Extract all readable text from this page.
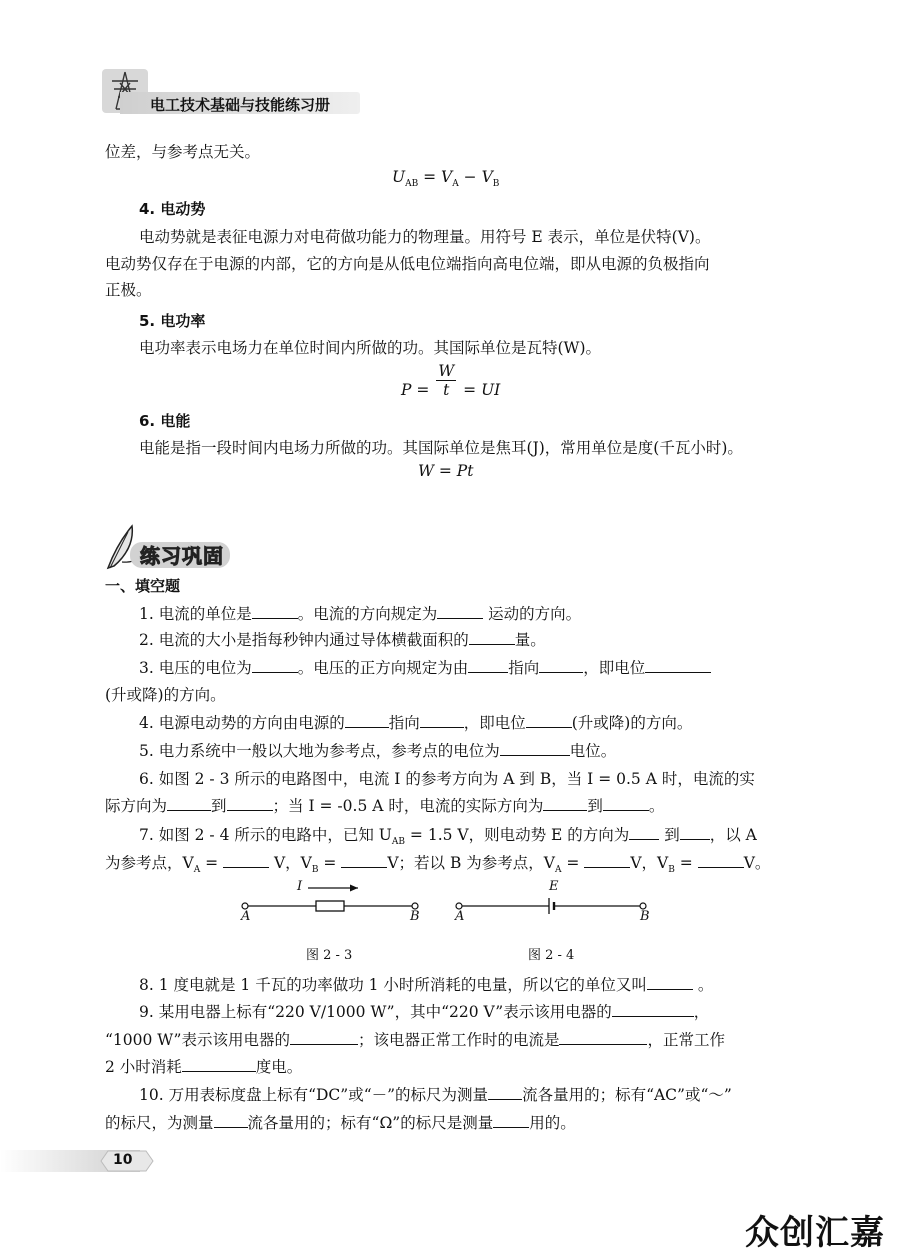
电工技术基础与技能练习册
位差，与参考点无关。
$U_{AB} = V_A - V_B$
4. 电动势
电动势就是表征电源力对电荷做功能力的物理量。用符号 E 表示，单位是伏特(V)。
电动势仅存在于电源的内部，它的方向是从低电位端指向高电位端，即从电源的负极指向
正极。
5. 电功率
电功率表示电场力在单位时间内所做的功。其国际单位是瓦特(W)。
$P = \frac{W}{t}$ = UI
6. 电能
电能是指一段时间内电场力所做的功。其国际单位是焦耳(J)，常用单位是度(千瓦小时)。
W = Pt
练习巩固
一、填空题
1. 电流的单位是	。电流的方向规定为	运动的方向。
2. 电流的大小是指每秒钟内通过导体横截面积的	量。
3. 电压的电位为	。电压的正方向规定为由	指向	，即电位
(升或降)的方向。
4. 电源电动势的方向由电源的	指向	，即电位	(升或降)的方向。
5. 电力系统中一般以大地为参考点，参考点的电位为	电位。
6. 如图 2 - 3 所示的电路图中，电流 I 的参考方向为 A 到 B，当 I = 0.5 A 时，电流的实
际方向为	到	；当 I = -0.5 A 时，电流的实际方向为	到	。
7. 如图 2 - 4 所示的电路中，已知 $U_{AB} = 1.5$ V，则电动势 E 的方向为 到 ，以 A
为参考点，$V_A$ =	V，$V_B$ =	V；若以 B 为参考点，$V_A$ =	V，$V_B$ =	V。
I
A	B
图 2 - 3
E
A	B
图 2 - 4
8. 1 度电就是 1 千瓦的功率做功 1 小时所消耗的电量，所以它的单位又叫	。
9. 某用电器上标有“220 V/1000 W”，其中“220 V”表示该用电器的	，
“1000 W”表示该用电器的	；该电器正常工作时的电流是	，正常工作
2 小时消耗	度电。
10. 万用表标度盘上标有“DC”或“－”的标尺为测量 流各量用的；标有“AC”或“～”
的标尺，为测量 流各量用的；标有“Ω”的标尺是测量 用的。
10
众创汇嘉
